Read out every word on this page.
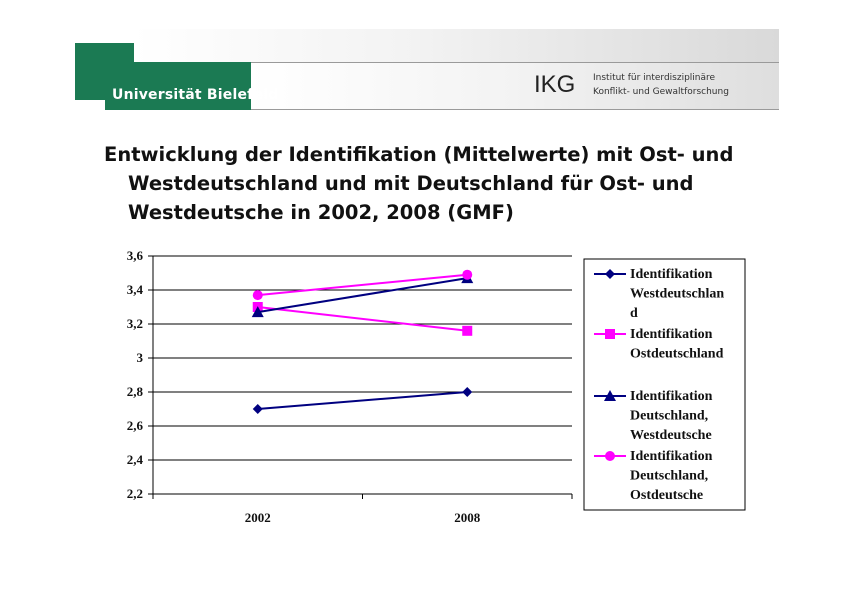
Universität Bielefeld	IKG Institut für interdisziplinäre
Konflikt- und Gewaltforschung

Entwicklung der Identifikation (Mittelwerte) mit Ost- und Westdeutschland und mit Deutschland für Ost- und Westdeutsche in 2002, 2008 (GMF)

2,2
2,4
2,6
2,8
3
3,2
3,4
3,6
2002	2008
Identifikation
Westdeutschlan
d
Identifikation
Ostdeutschland
Identifikation
Deutschland,
Westdeutsche
Identifikation
Deutschland,
Ostdeutsche
